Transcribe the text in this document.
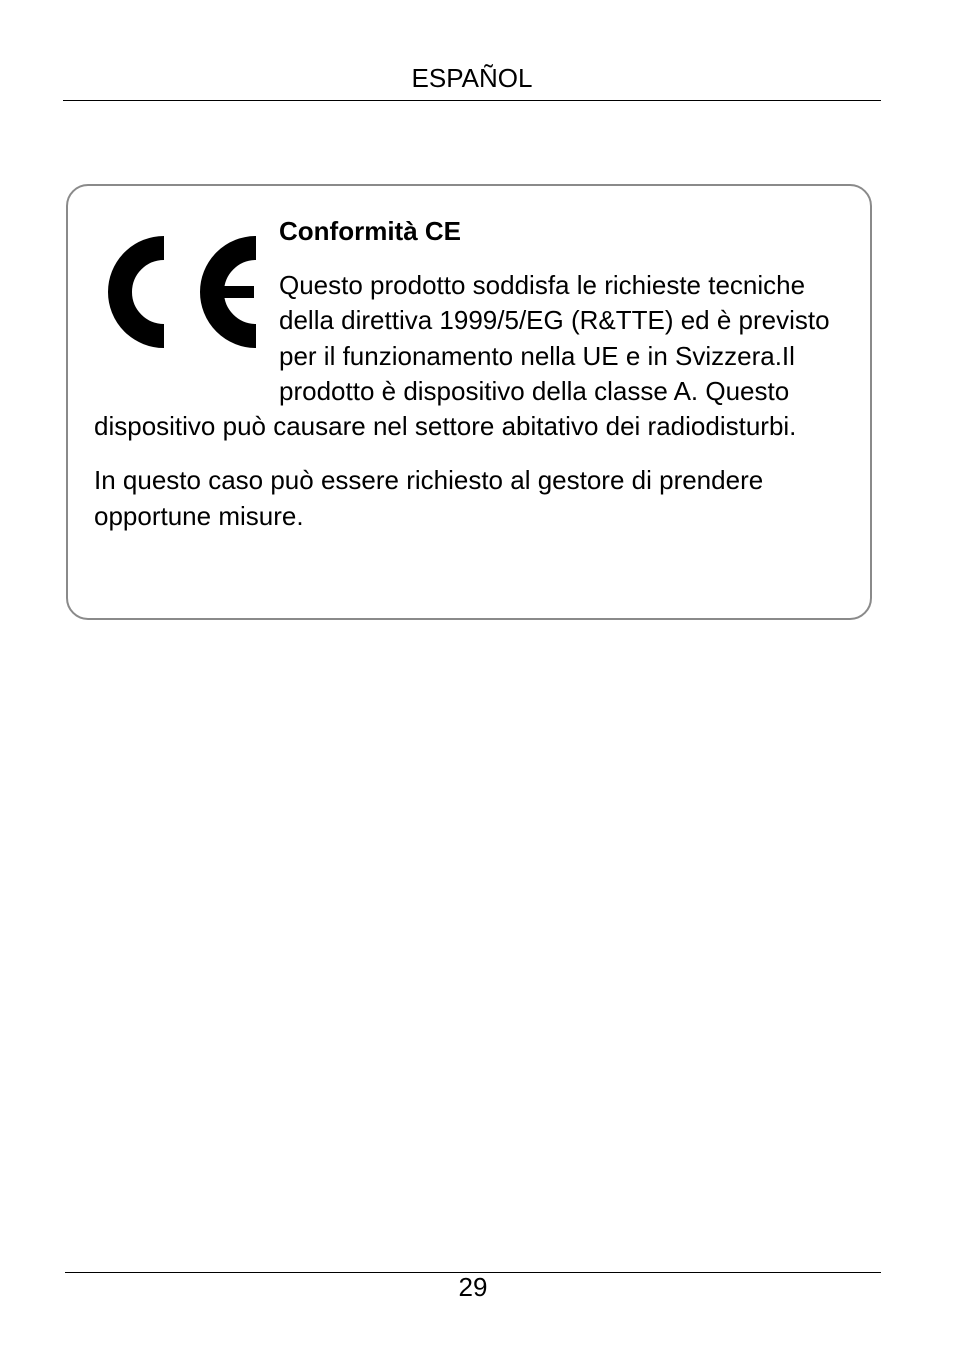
ESPAÑOL
Conformità CE

Questo prodotto soddisfa le richieste tecniche della direttiva 1999/5/EG (R&TTE) ed è previsto per il funzionamento nella UE e in Svizzera.Il prodotto è dispositivo della classe A. Questo dispositivo può causare nel settore abitativo dei radiodisturbi.

In questo caso può essere richiesto al gestore di prendere opportune misure.

29
